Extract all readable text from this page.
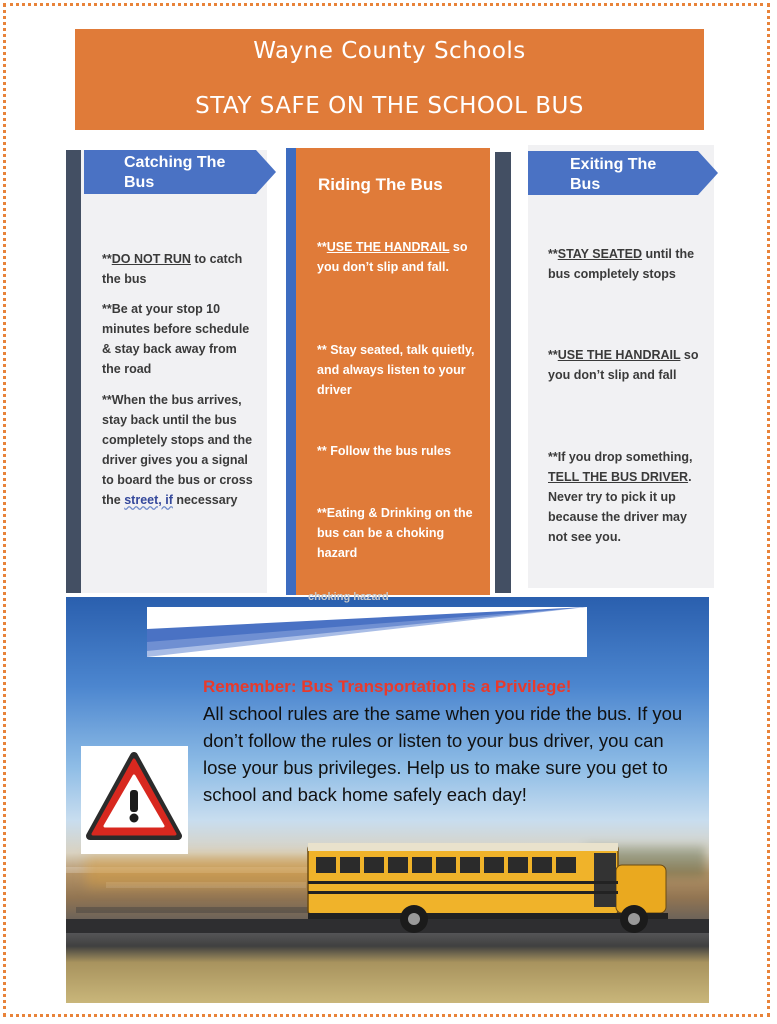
Wayne County Schools
STAY SAFE ON THE SCHOOL BUS
Catching The
Bus
**DO NOT RUN to catch the bus
**Be at your stop 10 minutes before schedule & stay back away from the road
**When the bus arrives, stay back until the bus completely stops and the driver gives you a signal to board the bus or cross the street, if necessary
Riding The Bus
**USE THE HANDRAIL so you don’t slip and fall.
** Stay seated, talk quietly, and always listen to your driver
** Follow the bus rules
**Eating & Drinking on the bus can be a choking hazard
Exiting The
Bus
**STAY SEATED until the bus completely stops
**USE THE HANDRAIL so you don’t slip and fall
**If you drop something, TELL THE BUS DRIVER. Never try to pick it up because the driver may not see you.
choking hazard
Remember: Bus Transportation is a Privilege!
All school rules are the same when you ride the bus. If you don’t follow the rules or listen to your bus driver, you can lose your bus privileges. Help us to make sure you get to school and back home safely each day!
